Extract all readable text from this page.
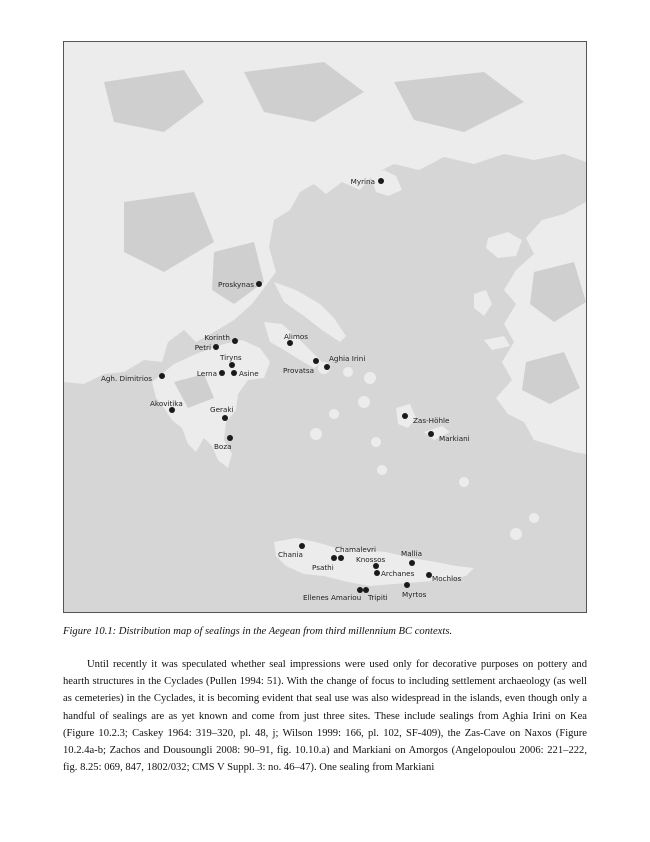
Myrina
Proskynas
Korinth
Petri
Alimos
Tiryns
Lerna	Asine	Provatsa
Aghia Irini
Agh. Dimitrios
Akovitika
Geraki
Boza
Zas-Höhle
Markiani
Chania
Chamalevri
Psathi
Knossos
Mallia
Archanes
Mochlos
Myrtos
Ellenes Amariou Tripiti

Figure 10.1: Distribution map of sealings in the Aegean from third millennium BC contexts.

Until recently it was speculated whether seal impressions were used only for decorative purposes on pottery and hearth structures in the Cyclades (Pullen 1994: 51). With the change of focus to including settlement archaeology (as well as cemeteries) in the Cyclades, it is becoming evident that seal use was also widespread in the islands, even though only a handful of sealings are as yet known and come from just three sites. These include sealings from Aghia Irini on Kea (Figure 10.2.3; Caskey 1964: 319–320, pl. 48, j; Wilson 1999: 166, pl. 102, SF-409), the Zas-Cave on Naxos (Figure 10.2.4a-b; Zachos and Dousoungli 2008: 90–91, fig. 10.10.a) and Markiani on Amorgos (Angelopoulou 2006: 221–222, fig. 8.25: 069, 847, 1802/032; CMS V Suppl. 3: no. 46–47). One sealing from Markiani
